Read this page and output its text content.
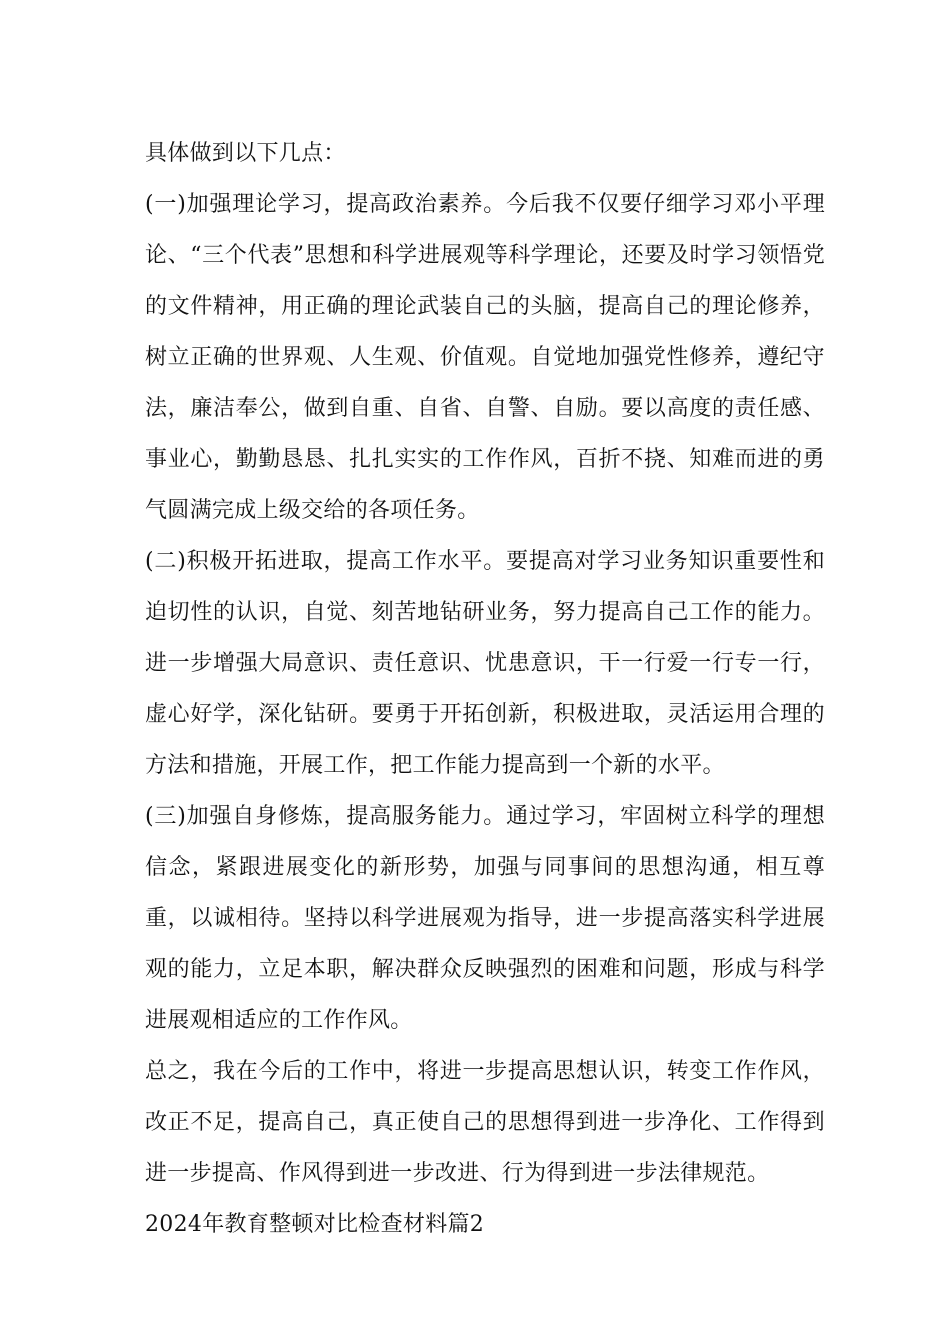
具体做到以下几点：

(一)加强理论学习，提高政治素养。今后我不仅要仔细学习邓小平理论、“三个代表”思想和科学进展观等科学理论，还要及时学习领悟党的文件精神，用正确的理论武装自己的头脑，提高自己的理论修养，树立正确的世界观、人生观、价值观。自觉地加强党性修养，遵纪守法，廉洁奉公，做到自重、自省、自警、自励。要以高度的责任感、事业心，勤勤恳恳、扎扎实实的工作作风，百折不挠、知难而进的勇气圆满完成上级交给的各项任务。

(二)积极开拓进取，提高工作水平。要提高对学习业务知识重要性和迫切性的认识，自觉、刻苦地钻研业务，努力提高自己工作的能力。进一步增强大局意识、责任意识、忧患意识，干一行爱一行专一行，虚心好学，深化钻研。要勇于开拓创新，积极进取，灵活运用合理的方法和措施，开展工作，把工作能力提高到一个新的水平。

(三)加强自身修炼，提高服务能力。通过学习，牢固树立科学的理想信念，紧跟进展变化的新形势，加强与同事间的思想沟通，相互尊重，以诚相待。坚持以科学进展观为指导，进一步提高落实科学进展观的能力，立足本职，解决群众反映强烈的困难和问题，形成与科学进展观相适应的工作作风。

总之，我在今后的工作中，将进一步提高思想认识，转变工作作风，改正不足，提高自己，真正使自己的思想得到进一步净化、工作得到进一步提高、作风得到进一步改进、行为得到进一步法律规范。

2024年教育整顿对比检查材料篇2
